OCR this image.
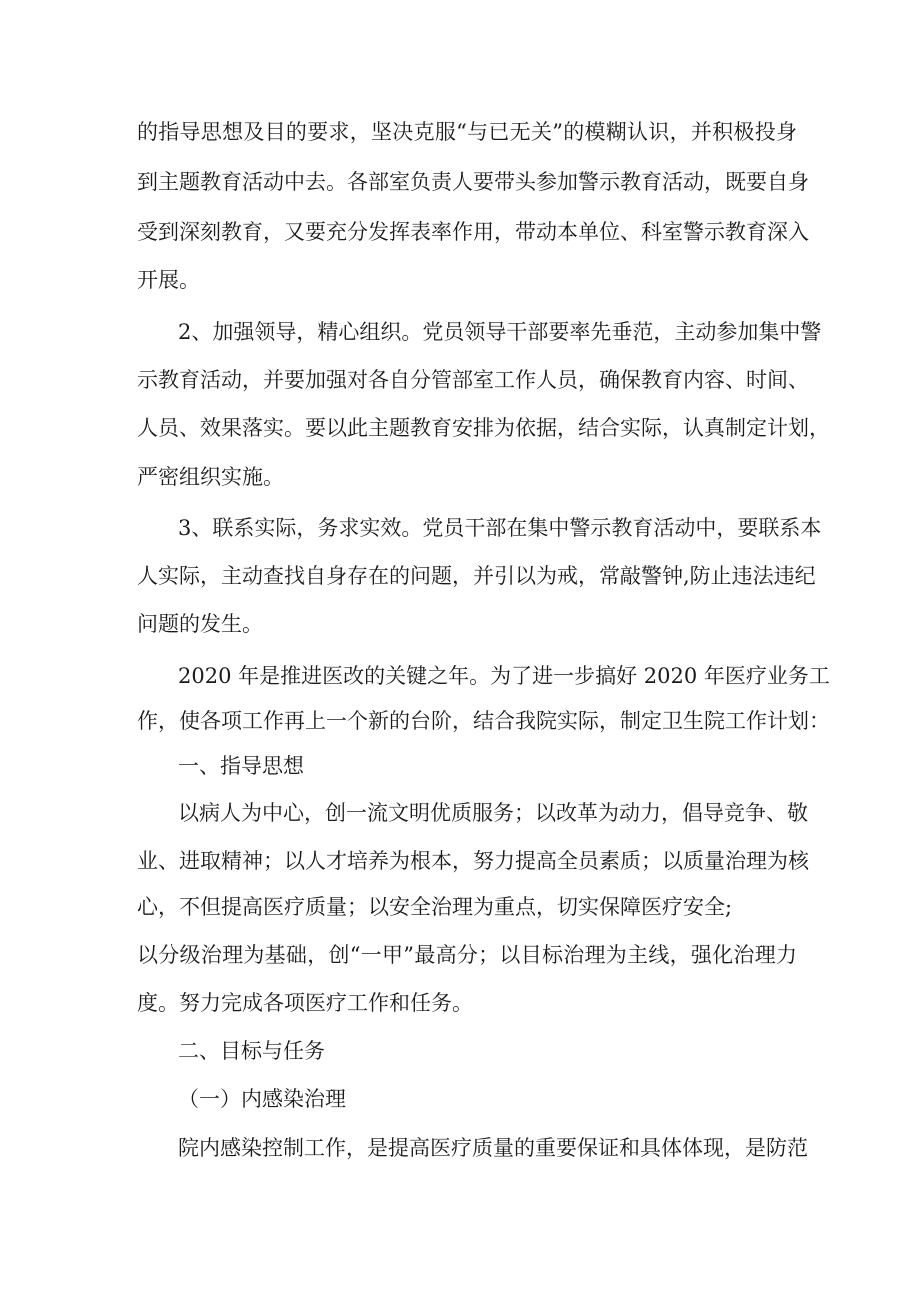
的指导思想及目的要求，坚决克服“与已无关”的模糊认识，并积极投身
到主题教育活动中去。各部室负责人要带头参加警示教育活动，既要自身
受到深刻教育，又要充分发挥表率作用，带动本单位、科室警示教育深入
开展。
2、加强领导，精心组织。党员领导干部要率先垂范，主动参加集中警
示教育活动，并要加强对各自分管部室工作人员，确保教育内容、时间、
人员、效果落实。要以此主题教育安排为依据，结合实际，认真制定计划，
严密组织实施。
3、联系实际，务求实效。党员干部在集中警示教育活动中，要联系本
人实际，主动查找自身存在的问题，并引以为戒，常敲警钟,防止违法违纪
问题的发生。
2020 年是推进医改的关键之年。为了进一步搞好 2020 年医疗业务工
作，使各项工作再上一个新的台阶，结合我院实际，制定卫生院工作计划：
一、指导思想
以病人为中心，创一流文明优质服务；以改革为动力，倡导竞争、敬
业、进取精神；以人才培养为根本，努力提高全员素质；以质量治理为核
心，不但提高医疗质量；以安全治理为重点，切实保障医疗安全;
以分级治理为基础，创“一甲”最高分；以目标治理为主线，强化治理力
度。努力完成各项医疗工作和任务。
二、目标与任务
（一）内感染治理
院内感染控制工作，是提高医疗质量的重要保证和具体体现，是防范
